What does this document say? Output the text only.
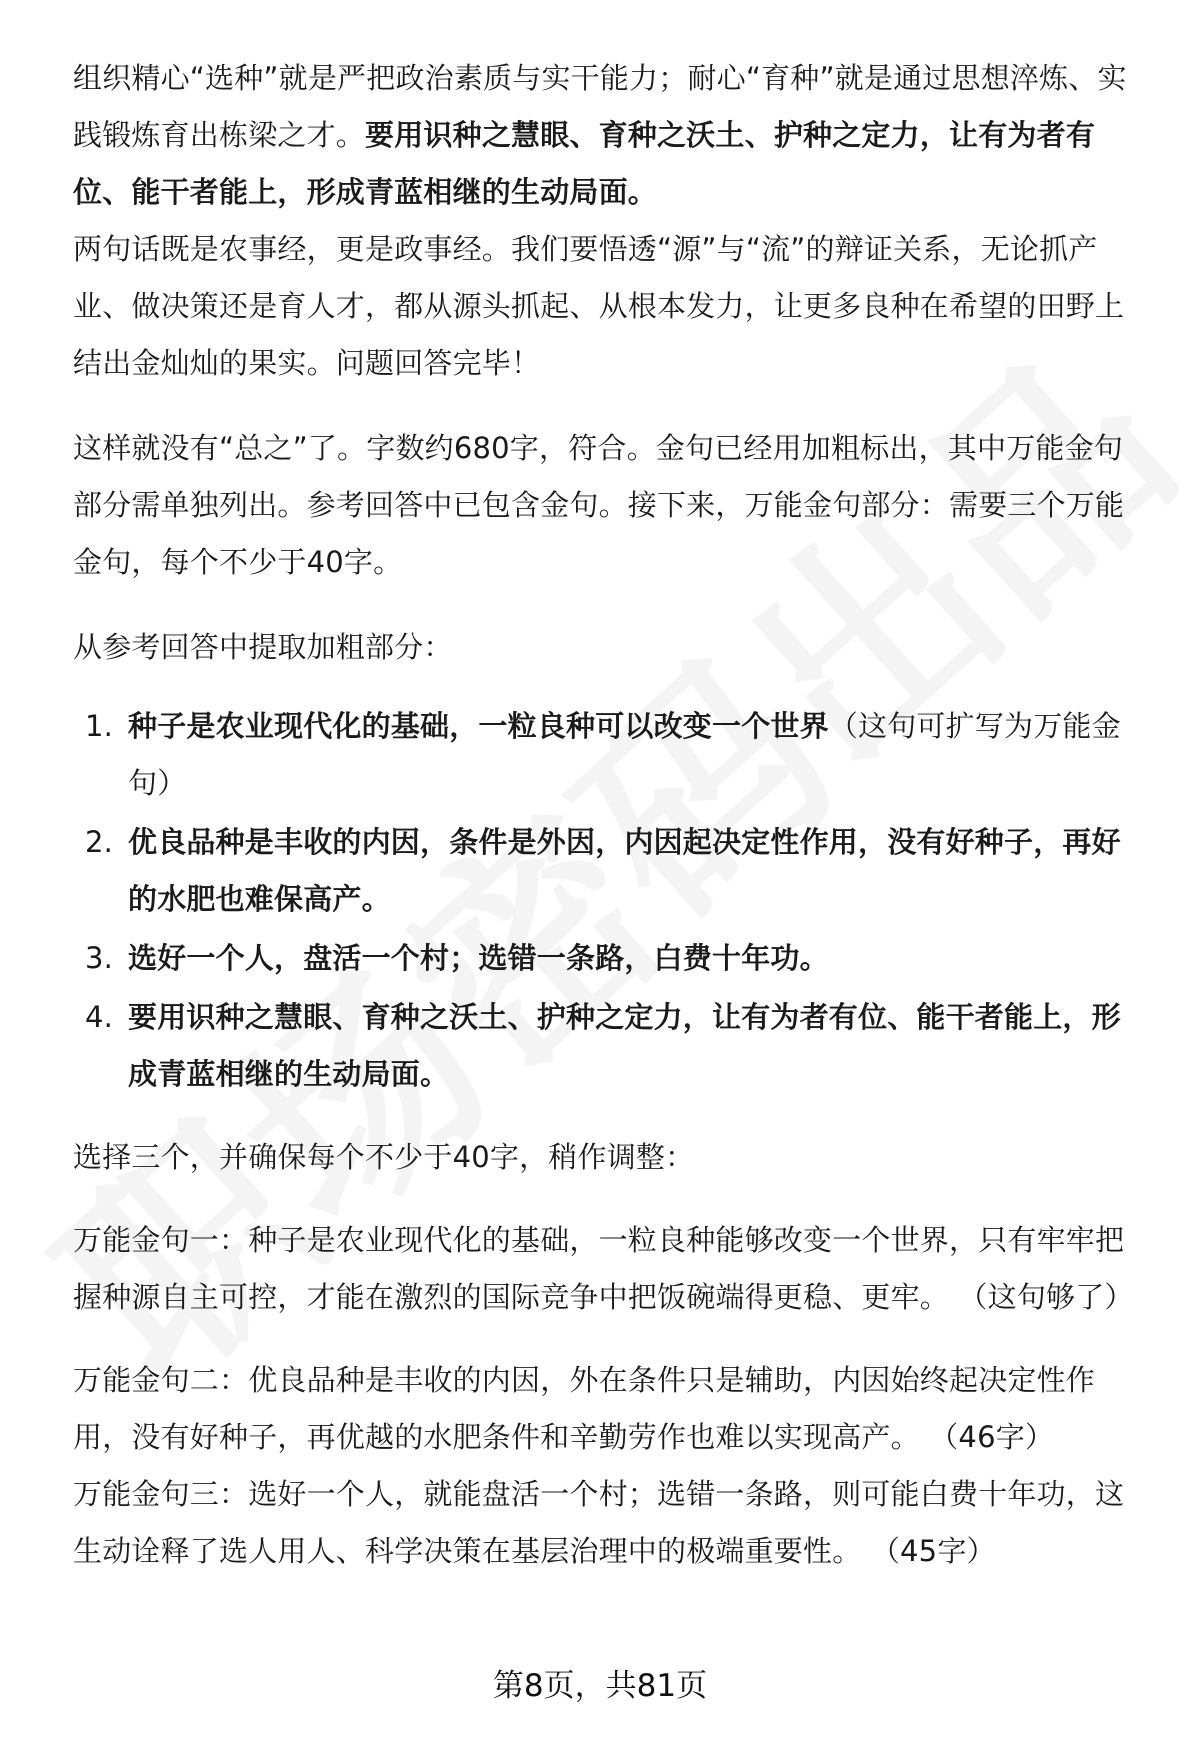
组织精心“选种”就是严把政治素质与实干能力；耐心“育种”就是通过思想淬炼、实践锻炼育出栋梁之才。要用识种之慧眼、育种之沃土、护种之定力，让有为者有位、能干者能上，形成青蓝相继的生动局面。

两句话既是农事经，更是政事经。我们要悟透“源”与“流”的辩证关系，无论抓产业、做决策还是育人才，都从源头抓起、从根本发力，让更多良种在希望的田野上结出金灿灿的果实。问题回答完毕！

这样就没有“总之”了。字数约680字，符合。金句已经用加粗标出，其中万能金句部分需单独列出。参考回答中已包含金句。接下来，万能金句部分：需要三个万能金句，每个不少于40字。

从参考回答中提取加粗部分：

1. 种子是农业现代化的基础，一粒良种可以改变一个世界（这句可扩写为万能金句）
2. 优良品种是丰收的内因，条件是外因，内因起决定性作用，没有好种子，再好的水肥也难保高产。
3. 选好一个人，盘活一个村；选错一条路，白费十年功。
4. 要用识种之慧眼、育种之沃土、护种之定力，让有为者有位、能干者能上，形成青蓝相继的生动局面。

选择三个，并确保每个不少于40字，稍作调整：

万能金句一：种子是农业现代化的基础，一粒良种能够改变一个世界，只有牢牢把握种源自主可控，才能在激烈的国际竞争中把饭碗端得更稳、更牢。 （这句够了）

万能金句二：优良品种是丰收的内因，外在条件只是辅助，内因始终起决定性作用，没有好种子，再优越的水肥条件和辛勤劳作也难以实现高产。 （46字）

万能金句三：选好一个人，就能盘活一个村；选错一条路，则可能白费十年功，这生动诠释了选人用人、科学决策在基层治理中的极端重要性。 （45字）

第8页，共81页
